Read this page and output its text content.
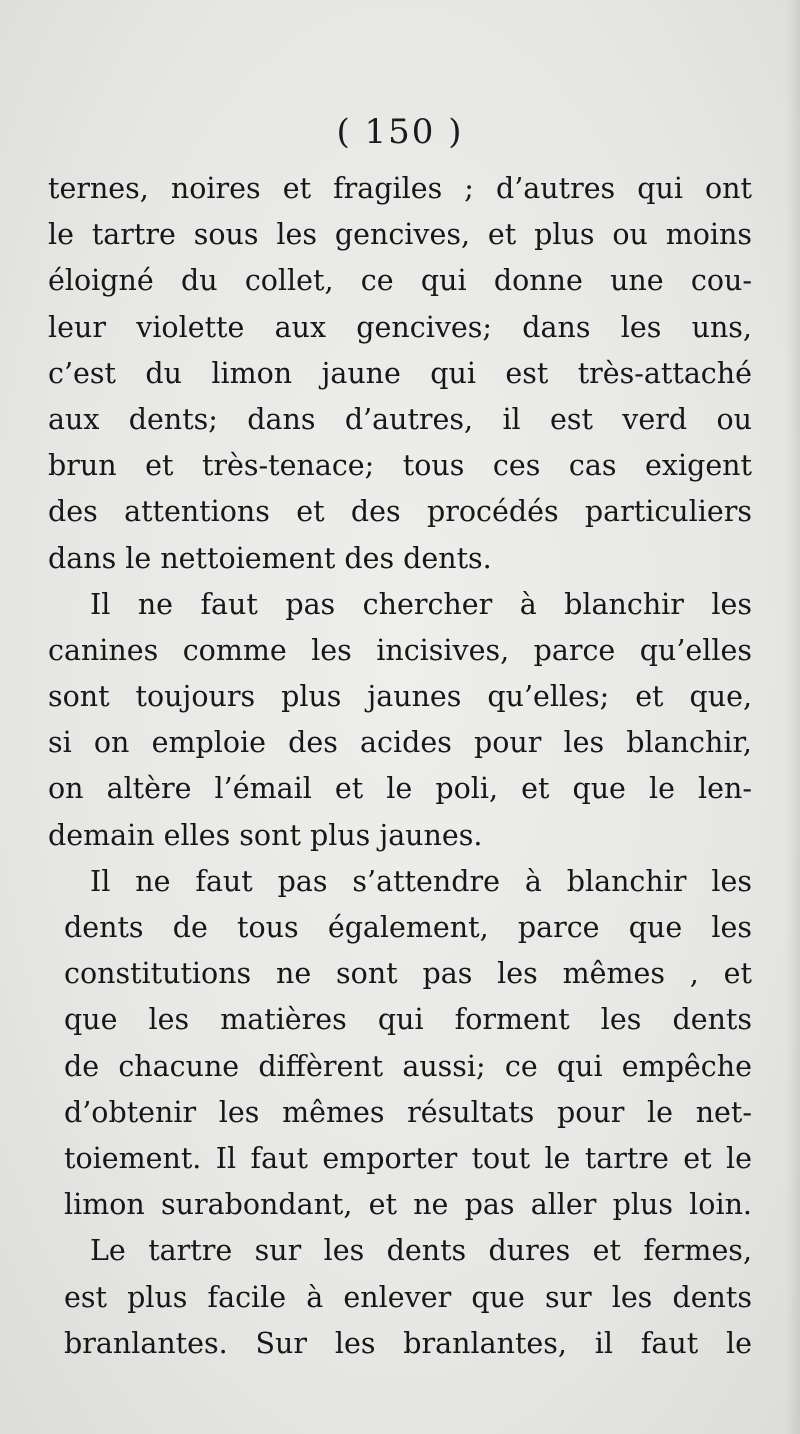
( 150 )
ternes, noires et fragiles ; d’autres qui ont
le tartre sous les gencives, et plus ou moins
éloigné du collet, ce qui donne une cou-
leur violette aux gencives; dans les uns,
c’est du limon jaune qui est très-attaché
aux dents; dans d’autres, il est verd ou
brun et très-tenace; tous ces cas exigent
des attentions et des procédés particuliers
dans le nettoiement des dents.
Il ne faut pas chercher à blanchir les
canines comme les incisives, parce qu’elles
sont toujours plus jaunes qu’elles; et que,
si on emploie des acides pour les blanchir,
on altère l’émail et le poli, et que le len-
demain elles sont plus jaunes.
Il ne faut pas s’attendre à blanchir les
dents de tous également, parce que les
constitutions ne sont pas les mêmes , et
que les matières qui forment les dents
de chacune diffèrent aussi; ce qui empêche
d’obtenir les mêmes résultats pour le net-
toiement. Il faut emporter tout le tartre et le
limon surabondant, et ne pas aller plus loin.
Le tartre sur les dents dures et fermes,
est plus facile à enlever que sur les dents
branlantes. Sur les branlantes, il faut le
